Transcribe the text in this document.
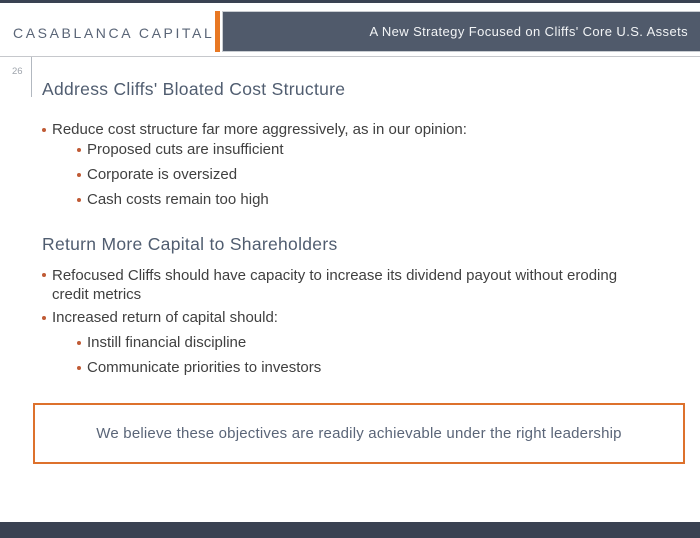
CASABLANCA CAPITAL	A New Strategy Focused on Cliffs' Core U.S. Assets
26
Address Cliffs' Bloated Cost Structure
Reduce cost structure far more aggressively, as in our opinion:
Proposed cuts are insufficient
Corporate is oversized
Cash costs remain too high
Return More Capital to Shareholders
Refocused Cliffs should have capacity to increase its dividend payout without eroding credit metrics
Increased return of capital should:
Instill financial discipline
Communicate priorities to investors
We believe these objectives are readily achievable under the right leadership
